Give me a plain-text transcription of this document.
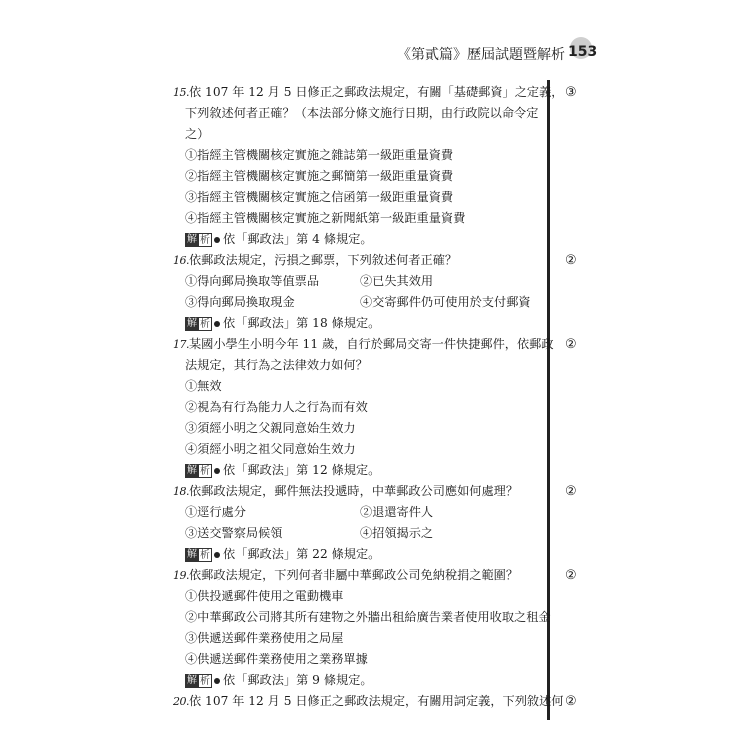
《第貳篇》歷屆試題暨解析 153
15.依 107 年 12 月 5 日修正之郵政法規定，有關「基礎郵資」之定義，
下列敘述何者正確？（本法部分條文施行日期，由行政院以命令定
之）
①指經主管機關核定實施之雜誌第一級距重量資費
②指經主管機關核定實施之郵簡第一級距重量資費
③指經主管機關核定實施之信函第一級距重量資費
④指經主管機關核定實施之新聞紙第一級距重量資費
解 析 依「郵政法」第 4 條規定。
③
16.依郵政法規定，污損之郵票，下列敘述何者正確？
①得向郵局換取等值票品	②已失其效用
③得向郵局換取現金	④交寄郵件仍可使用於支付郵資
解 析 依「郵政法」第 18 條規定。
②
17.某國小學生小明今年 11 歲，自行於郵局交寄一件快捷郵件，依郵政
法規定，其行為之法律效力如何？
①無效
②視為有行為能力人之行為而有效
③須經小明之父親同意始生效力
④須經小明之祖父同意始生效力
解 析 依「郵政法」第 12 條規定。
②
18.依郵政法規定，郵件無法投遞時，中華郵政公司應如何處理？
①逕行處分	②退還寄件人
③送交警察局候領	④招領揭示之
解 析 依「郵政法」第 22 條規定。
②
19.依郵政法規定，下列何者非屬中華郵政公司免納稅捐之範圍？
①供投遞郵件使用之電動機車
②中華郵政公司將其所有建物之外牆出租給廣告業者使用收取之租金
③供遞送郵件業務使用之局屋
④供遞送郵件業務使用之業務單據
解 析 依「郵政法」第 9 條規定。
②
20.依 107 年 12 月 5 日修正之郵政法規定，有關用詞定義，下列敘述何 ②
